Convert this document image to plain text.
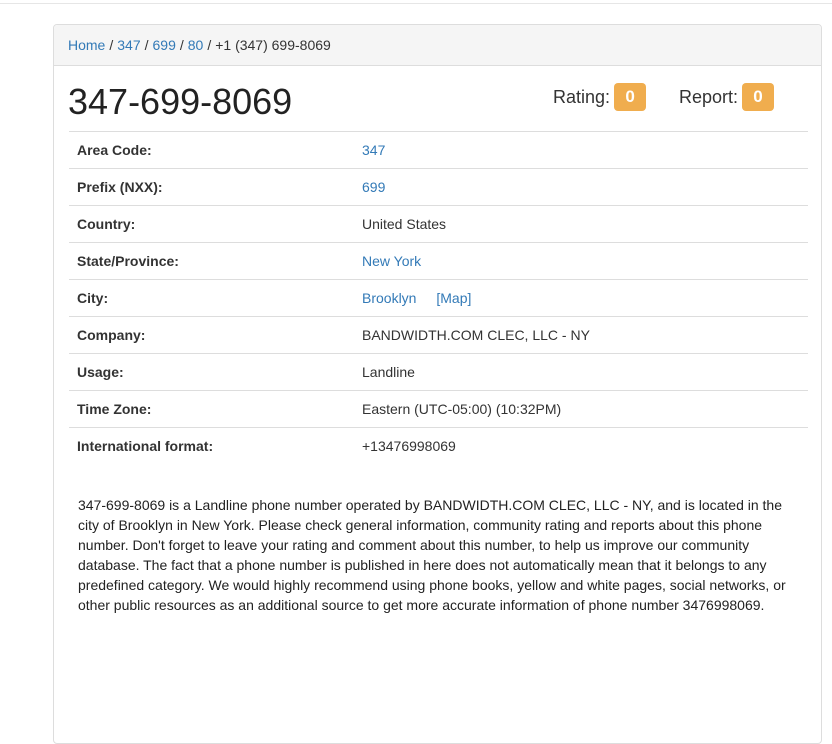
Home / 347 / 699 / 80 / +1 (347) 699-8069
347-699-8069	Rating: 0	Report: 0
Area Code:	347
Prefix (NXX):	699
Country:	United States
State/Province:	New York
City:	Brooklyn [Map]
Company:	BANDWIDTH.COM CLEC, LLC - NY
Usage:	Landline
Time Zone:	Eastern (UTC-05:00) (10:32PM)
International format:	+13476998069

347-699-8069 is a Landline phone number operated by BANDWIDTH.COM CLEC, LLC - NY, and is located in the city of Brooklyn in New York. Please check general information, community rating and reports about this phone number. Don't forget to leave your rating and comment about this number, to help us improve our community database. The fact that a phone number is published in here does not automatically mean that it belongs to any predefined category. We would highly recommend using phone books, yellow and white pages, social networks, or other public resources as an additional source to get more accurate information of phone number 3476998069.
